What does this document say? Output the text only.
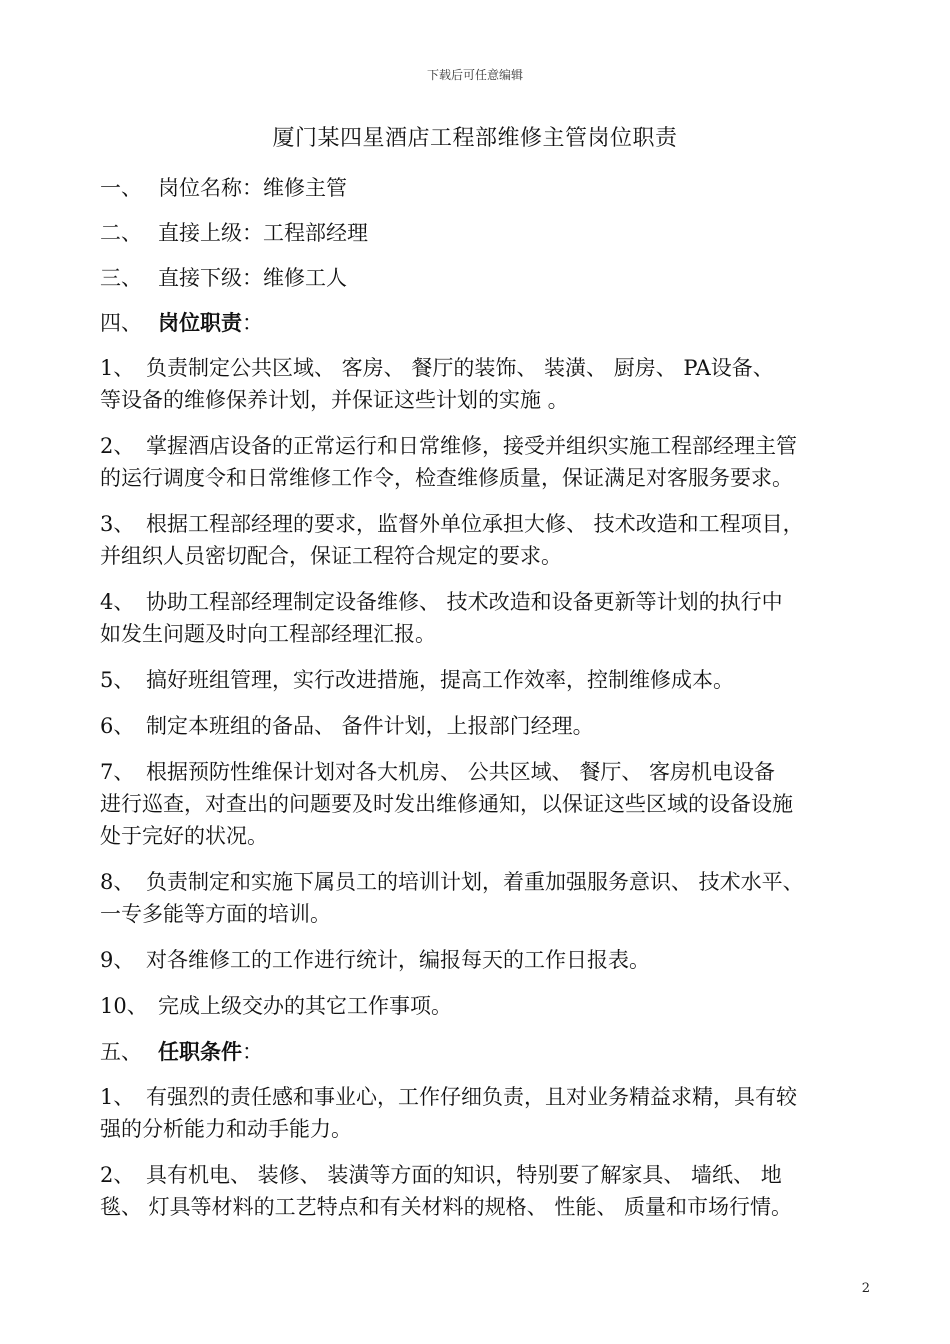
下载后可任意编辑
厦门某四星酒店工程部维修主管岗位职责
一、 岗位名称：维修主管
二、 直接上级：工程部经理
三、 直接下级：维修工人
四、 岗位职责：
1、 负责制定公共区域、 客房、 餐厅的装饰、 装潢、 厨房、 PA设备、
等设备的维修保养计划，并保证这些计划的实施 。
2、 掌握酒店设备的正常运行和日常维修，接受并组织实施工程部经理主管
的运行调度令和日常维修工作令，检查维修质量，保证满足对客服务要求。
3、 根据工程部经理的要求，监督外单位承担大修、 技术改造和工程项目，
并组织人员密切配合，保证工程符合规定的要求。
4、 协助工程部经理制定设备维修、 技术改造和设备更新等计划的执行中
如发生问题及时向工程部经理汇报。
5、 搞好班组管理，实行改进措施，提高工作效率，控制维修成本。
6、 制定本班组的备品、 备件计划，上报部门经理。
7、 根据预防性维保计划对各大机房、 公共区域、 餐厅、 客房机电设备
进行巡查，对查出的问题要及时发出维修通知，以保证这些区域的设备设施
处于完好的状况。
8、 负责制定和实施下属员工的培训计划，着重加强服务意识、 技术水平、
一专多能等方面的培训。
9、 对各维修工的工作进行统计，编报每天的工作日报表。
10、 完成上级交办的其它工作事项。
五、 任职条件：
1、 有强烈的责任感和事业心，工作仔细负责，且对业务精益求精，具有较
强的分析能力和动手能力。
2、 具有机电、 装修、 装潢等方面的知识，特别要了解家具、 墙纸、 地
毯、 灯具等材料的工艺特点和有关材料的规格、 性能、 质量和市场行情。
2
